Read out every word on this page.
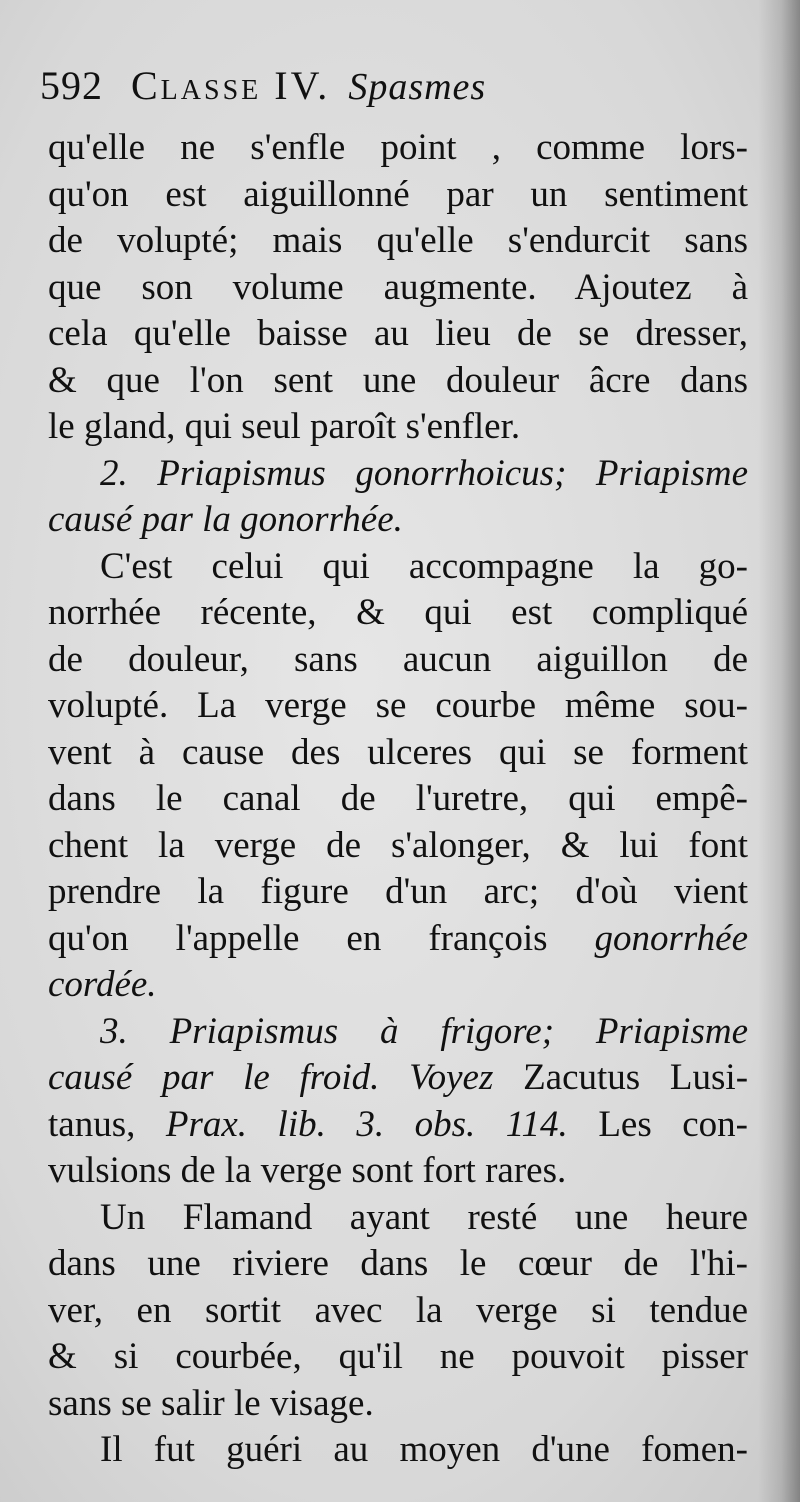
592 Classe IV. Spasmes
qu'elle ne s'enfle point , comme lors-
qu'on est aiguillonné par un sentiment
de volupté; mais qu'elle s'endurcit sans
que son volume augmente. Ajoutez à
cela qu'elle baisse au lieu de se dresser,
& que l'on sent une douleur âcre dans
le gland, qui seul paroît s'enfler.
2. Priapismus gonorrhoicus; Priapisme
causé par la gonorrhée.
C'est celui qui accompagne la go-
norrhée récente, & qui est compliqué
de douleur, sans aucun aiguillon de
volupté. La verge se courbe même sou-
vent à cause des ulceres qui se forment
dans le canal de l'uretre, qui empê-
chent la verge de s'alonger, & lui font
prendre la figure d'un arc; d'où vient
qu'on l'appelle en françois gonorrhée
cordée.
3. Priapismus à frigore; Priapisme
causé par le froid. Voyez Zacutus Lusi-
tanus, Prax. lib. 3. obs. 114. Les con-
vulsions de la verge sont fort rares.
Un Flamand ayant resté une heure
dans une riviere dans le cœur de l'hi-
ver, en sortit avec la verge si tendue
& si courbée, qu'il ne pouvoit pisser
sans se salir le visage.
Il fut guéri au moyen d'une fomen-
